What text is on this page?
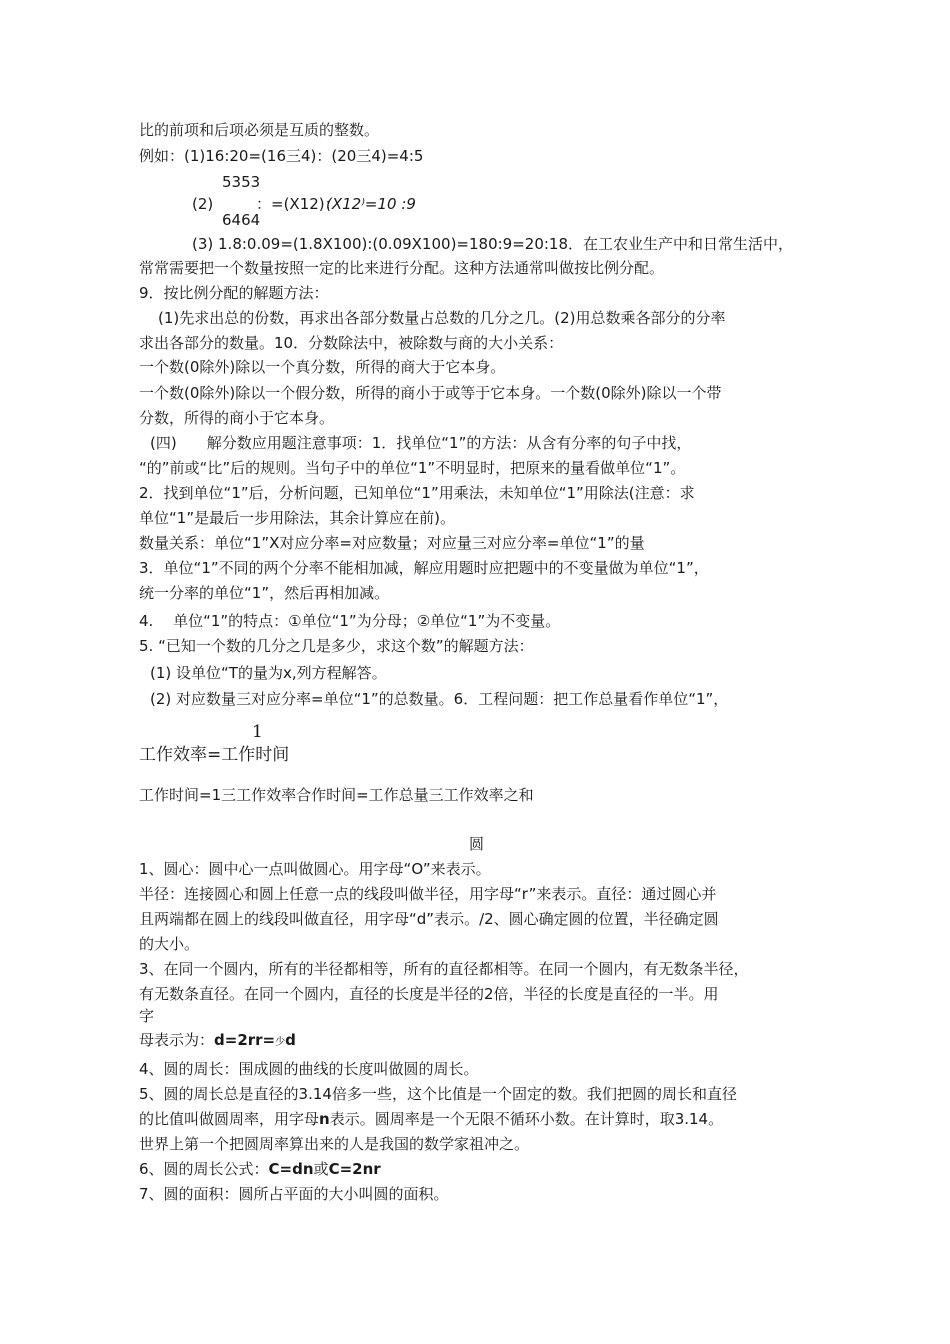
比的前项和后项必须是互质的整数。
例如：(1)16:20=(16三4)：(20三4)=4:5
5353
(2)	：=(X12)：
(X12⁾=10 :9
6464
(3) 1.8:0.09=(1.8X100):(0.09X100)=180:9=20:18．在工农业生产中和日常生活中，
常常需要把一个数量按照一定的比来进行分配。这种方法通常叫做按比例分配。
9．按比例分配的解题方法：
(1)先求出总的份数，再求出各部分数量占总数的几分之几。(2)用总数乘各部分的分率
求出各部分的数量。10．分数除法中，被除数与商的大小关系：
一个数(0除外)除以一个真分数，所得的商大于它本身。
一个数(0除外)除以一个假分数，所得的商小于或等于它本身。一个数(0除外)除以一个带
分数，所得的商小于它本身。
(四)　　解分数应用题注意事项：1．找单位“1”的方法：从含有分率的句子中找，
“的”前或“比”后的规则。当句子中的单位“1”不明显时，把原来的量看做单位“1”。
2．找到单位“1”后，分析问题，已知单位“1”用乘法，未知单位“1”用除法(注意：求
单位“1”是最后一步用除法，其余计算应在前)。
数量关系：单位“1”X对应分率=对应数量；对应量三对应分率=单位“1”的量
3．单位“1”不同的两个分率不能相加减，解应用题时应把题中的不变量做为单位“1”，
统一分率的单位“1”，然后再相加减。
4.　 单位“1”的特点：①单位“1”为分母；②单位“1”为不变量。
5. “已知一个数的几分之几是多少，求这个数”的解题方法：
(1) 设单位“T的量为x,列方程解答。
(2) 对应数量三对应分率=单位“1”的总数量。6．工程问题：把工作总量看作单位“1”，
1
工作效率=工作时间
工作时间=1三工作效率合作时间=工作总量三工作效率之和
圆
1、圆心：圆中心一点叫做圆心。用字母“O”来表示。
半径：连接圆心和圆上任意一点的线段叫做半径，用字母“r”来表示。直径：通过圆心并
且两端都在圆上的线段叫做直径，用字母“d”表示。/2、圆心确定圆的位置，半径确定圆
的大小。
3、在同一个圆内，所有的半径都相等，所有的直径都相等。在同一个圆内，有无数条半径，
有无数条直径。在同一个圆内，直径的长度是半径的2倍，半径的长度是直径的一半。用
字
母表示为：d=2rr=少d
4、圆的周长：围成圆的曲线的长度叫做圆的周长。
5、圆的周长总是直径的3.14倍多一些，这个比值是一个固定的数。我们把圆的周长和直径
的比值叫做圆周率，用字母n表示。圆周率是一个无限不循环小数。在计算时，取3.14。
世界上第一个把圆周率算出来的人是我国的数学家祖冲之。
6、圆的周长公式：C=dn或C=2nr
7、圆的面积：圆所占平面的大小叫圆的面积。
